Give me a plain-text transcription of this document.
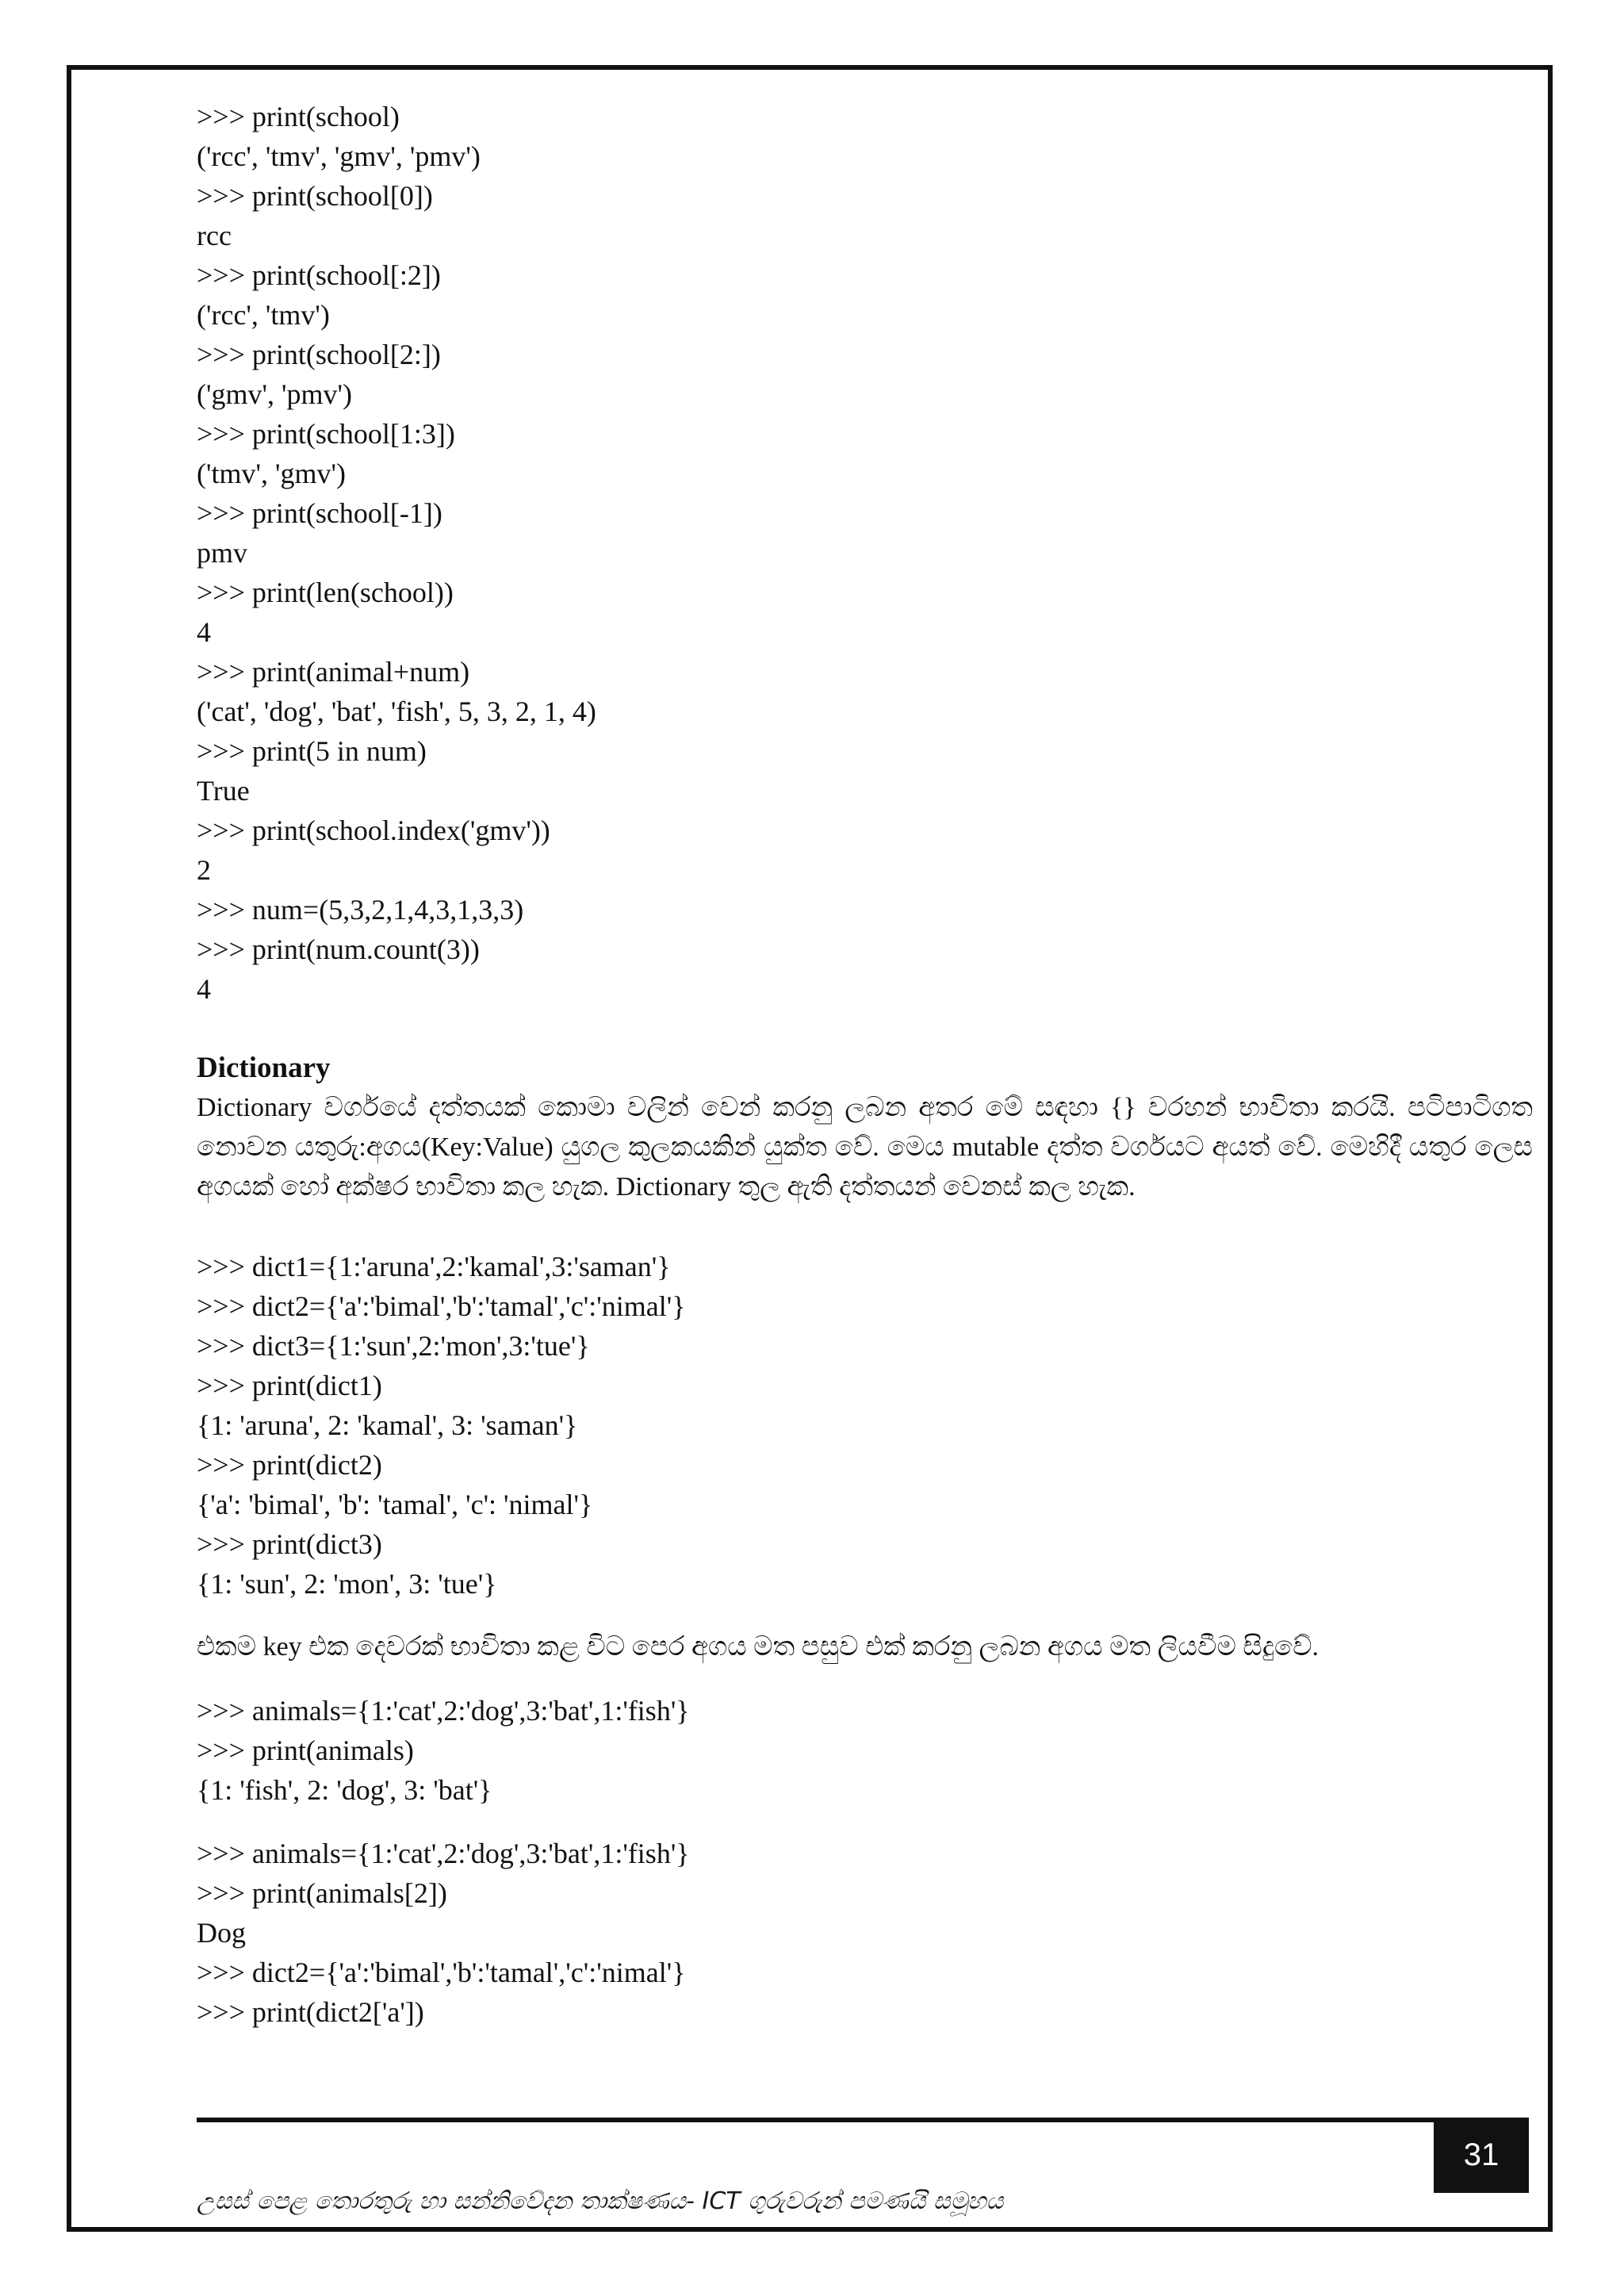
>>> print(school)
('rcc', 'tmv', 'gmv', 'pmv')
>>> print(school[0])
rcc
>>> print(school[:2])
('rcc', 'tmv')
>>> print(school[2:])
('gmv', 'pmv')
>>> print(school[1:3])
('tmv', 'gmv')
>>> print(school[-1])
pmv
>>> print(len(school))
4
>>> print(animal+num)
('cat', 'dog', 'bat', 'fish', 5, 3, 2, 1, 4)
>>> print(5 in num)
True
>>> print(school.index('gmv'))
2
>>> num=(5,3,2,1,4,3,1,3,3)
>>> print(num.count(3))
4
Dictionary
Dictionary වර්ගයේ දත්තයක් කොමා වලින් වෙන් කරනු ලබන අතර මේ සඳහා {} වරහන් භාවිතා කරයි. පටිපාටිගත නොවන යතුරු:අගය(Key:Value) යුගල කුලකයකින් යුක්ත වේ. මෙය mutable දත්ත වර්ගයට අයත් වේ. මෙහිදී යතුර ලෙස අගයක් හෝ අක්ෂර භාවිතා කල හැක. Dictionary තුල ඇති දත්තයන් වෙනස් කල හැක.
>>> dict1={1:'aruna',2:'kamal',3:'saman'}
>>> dict2={'a':'bimal','b':'tamal','c':'nimal'}
>>> dict3={1:'sun',2:'mon',3:'tue'}
>>> print(dict1)
{1: 'aruna', 2: 'kamal', 3: 'saman'}
>>> print(dict2)
{'a': 'bimal', 'b': 'tamal', 'c': 'nimal'}
>>> print(dict3)
{1: 'sun', 2: 'mon', 3: 'tue'}
එකම key එක දෙවරක් භාවිතා කළ විට පෙර අගය මත පසුව එක් කරනු ලබන අගය මත ලියවීම සිදුවේ.
>>> animals={1:'cat',2:'dog',3:'bat',1:'fish'}
>>> print(animals)
{1: 'fish', 2: 'dog', 3: 'bat'}
>>> animals={1:'cat',2:'dog',3:'bat',1:'fish'}
>>> print(animals[2])
Dog
>>> dict2={'a':'bimal','b':'tamal','c':'nimal'}
>>> print(dict2['a'])
31
උසස් පෙළ තොරතුරු හා සන්නිවේදන තාක්ෂණය- ICT ගුරුවරුන් පමණයි සමූහය
